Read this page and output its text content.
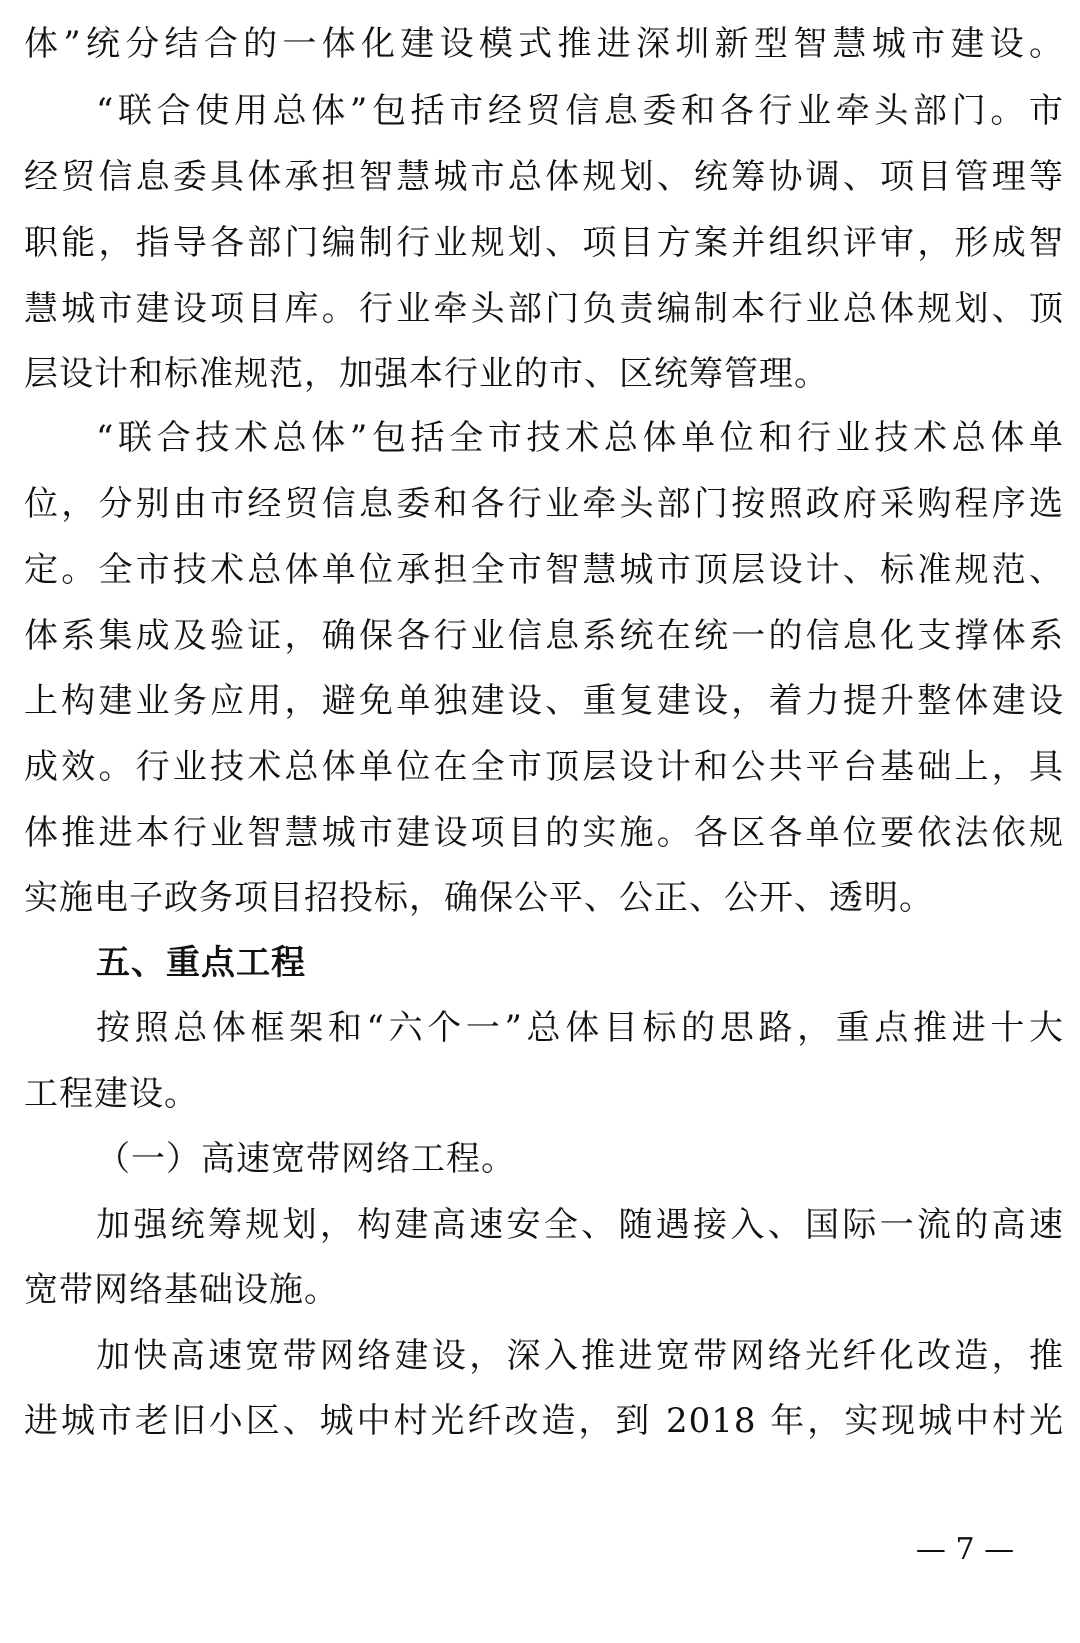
体”统分结合的一体化建设模式推进深圳新型智慧城市建设。
“联合使用总体”包括市经贸信息委和各行业牵头部门。市
经贸信息委具体承担智慧城市总体规划、统筹协调、项目管理等
职能，指导各部门编制行业规划、项目方案并组织评审，形成智
慧城市建设项目库。行业牵头部门负责编制本行业总体规划、顶
层设计和标准规范，加强本行业的市、区统筹管理。
“联合技术总体”包括全市技术总体单位和行业技术总体单
位，分别由市经贸信息委和各行业牵头部门按照政府采购程序选
定。全市技术总体单位承担全市智慧城市顶层设计、标准规范、
体系集成及验证，确保各行业信息系统在统一的信息化支撑体系
上构建业务应用，避免单独建设、重复建设，着力提升整体建设
成效。行业技术总体单位在全市顶层设计和公共平台基础上，具
体推进本行业智慧城市建设项目的实施。各区各单位要依法依规
实施电子政务项目招投标，确保公平、公正、公开、透明。
五、重点工程
按照总体框架和“六个一”总体目标的思路，重点推进十大
工程建设。
（一）高速宽带网络工程。
加强统筹规划，构建高速安全、随遇接入、国际一流的高速
宽带网络基础设施。
加快高速宽带网络建设，深入推进宽带网络光纤化改造，推
进城市老旧小区、城中村光纤改造，到 2018 年，实现城中村光
— 7 —
